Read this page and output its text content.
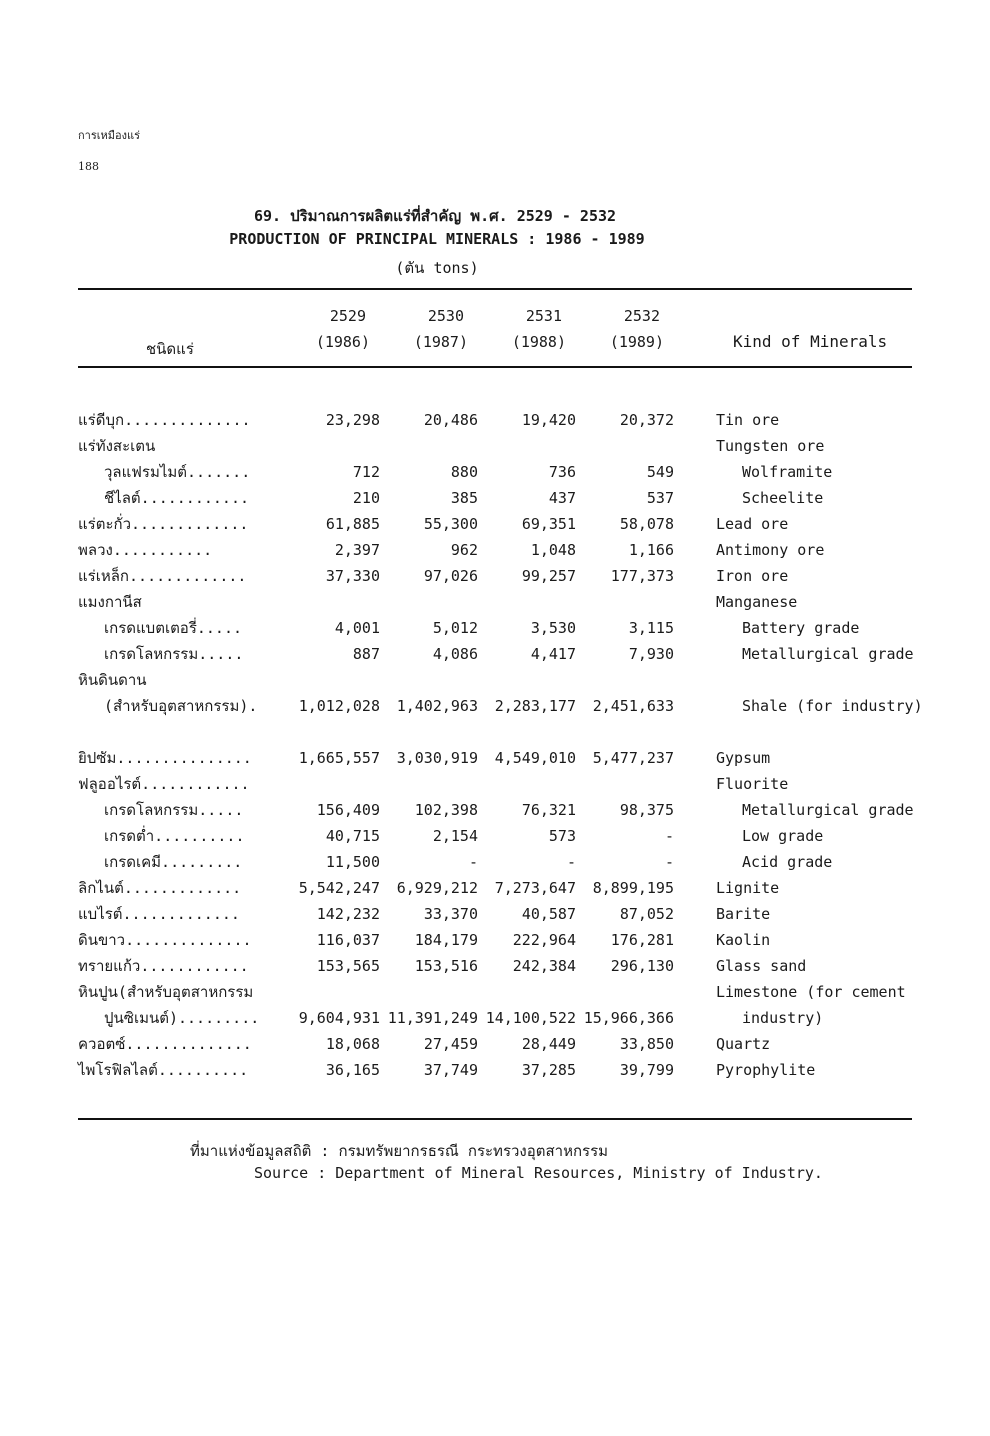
การเหมืองแร่
188
69. ปริมาณการผลิตแร่ที่สำคัญ พ.ศ. 2529 - 2532
PRODUCTION OF PRINCIPAL MINERALS : 1986 - 1989
(ตัน tons)
ชนิดแร่
2529	2530	2531	2532
(1986)	(1987)	(1988)	(1989)	Kind of Minerals
แร่ดีบุก..............	23,298	20,486	19,420	20,372	Tin ore
แร่ทังสะเตน	Tungsten ore
วุลแฟรมไมต์.......	712	880	736	549	Wolframite
ชีไลต์............	210	385	437	537	Scheelite
แร่ตะกั่ว.............	61,885	55,300	69,351	58,078	Lead ore
พลวง...........	2,397	962	1,048	1,166	Antimony ore
แร่เหล็ก.............	37,330	97,026	99,257	177,373	Iron ore
แมงกานีส	Manganese
เกรดแบตเตอรี่.....	4,001	5,012	3,530	3,115	Battery grade
เกรดโลหกรรม.....	887	4,086	4,417	7,930	Metallurgical grade
หินดินดาน
(สำหรับอุตสาหกรรม).	1,012,028	1,402,963	2,283,177	2,451,633	Shale (for industry)
ยิปซัม...............	1,665,557	3,030,919	4,549,010	5,477,237	Gypsum
ฟลูออไรต์............	Fluorite
เกรดโลหกรรม.....	156,409	102,398	76,321	98,375	Metallurgical grade
เกรดต่ำ..........	40,715	2,154	573	-	Low grade
เกรดเคมี.........	11,500	-	-	-	Acid grade
ลิกไนต์.............	5,542,247	6,929,212	7,273,647	8,899,195	Lignite
แบไรต์.............	142,232	33,370	40,587	87,052	Barite
ดินขาว..............	116,037	184,179	222,964	176,281	Kaolin
ทรายแก้ว............	153,565	153,516	242,384	296,130	Glass sand
หินปูน(สำหรับอุตสาหกรรม	Limestone (for cement
ปูนซิเมนต์).........	9,604,931 11,391,249 14,100,522 15,966,366	industry)
ควอตซ์..............	18,068	27,459	28,449	33,850	Quartz
ไพโรฟิลไลต์..........	36,165	37,749	37,285	39,799	Pyrophylite
ที่มาแห่งข้อมูลสถิติ : กรมทรัพยากรธรณี กระทรวงอุตสาหกรรม
Source : Department of Mineral Resources, Ministry of Industry.
